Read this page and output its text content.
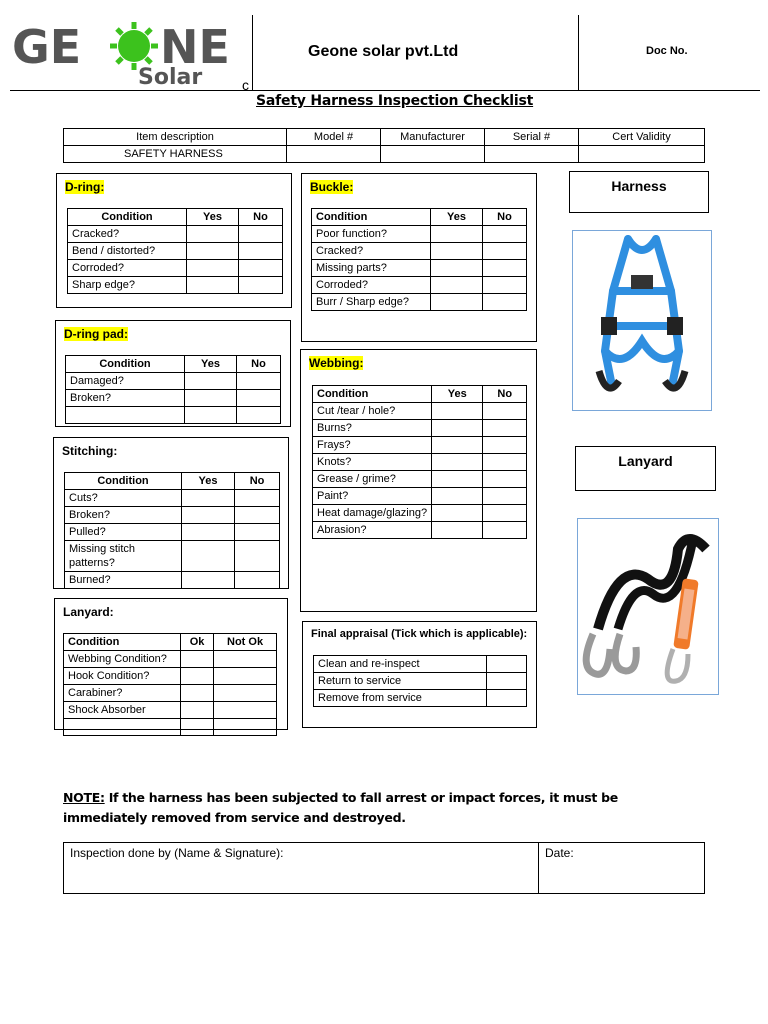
GE NE
Solar	c
Geone solar pvt.Ltd	Doc No.
Safety Harness Inspection Checklist
Item description	Model #	Manufacturer	Serial #	Cert Validity
SAFETY HARNESS				
D-ring:
Condition	Yes	No
Cracked?		
Bend / distorted?		
Corroded?		
Sharp edge?		
D-ring pad:
Condition	Yes	No
Damaged?		
Broken?		

Stitching:
Condition	Yes	No
Cuts?		
Broken?		
Pulled?		
Missing stitch patterns?		
Burned?		
Lanyard:
Condition	Ok	Not Ok
Webbing Condition?		
Hook Condition?		
Carabiner?		
Shock Absorber		

Buckle:
Condition	Yes	No
Poor function?		
Cracked?		
Missing parts?		
Corroded?		
Burr / Sharp edge?		
Webbing:
Condition	Yes	No
Cut /tear / hole?		
Burns?		
Frays?		
Knots?		
Grease / grime?		
Paint?		
Heat damage/glazing?		
Abrasion?		
Final appraisal (Tick which is applicable):
Clean and re-inspect	
Return to service	
Remove from service	
Harness
Lanyard
NOTE: If the harness has been subjected to fall arrest or impact forces, it must be immediately removed from service and destroyed.
Inspection done by (Name & Signature):	Date:
